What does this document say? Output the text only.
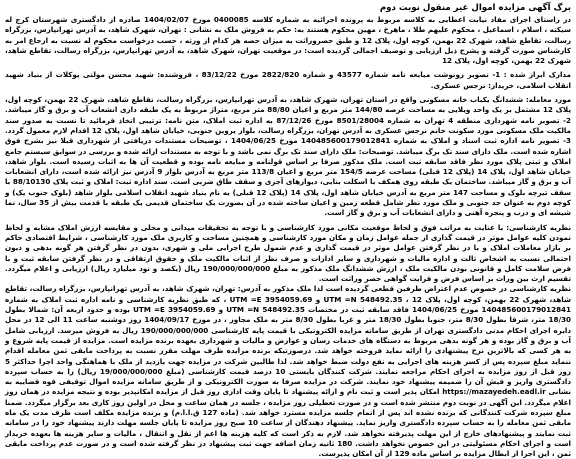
برگ آگهی مزایده اموال غیر منقول نوبت دوم

در راستای اجرای مفاد نیابت اعطایی به کلاسه مربوط به پرونده اجرائیه به شماره کلاسه 0400085 مورخ 1404/02/07 صادره از دادگستری شهرستان کرج له سیکته ، اسلام ، اسماعیل ، محکوم علیهم طلا ، ماهرخ ، مهین محکوم هستند به: حکم به فروش ملک به نشانی : تهران، شهرک شاهد، به آدرس تهرانپارس، بزرگراه رسالت، تقاطع شاهد، شهرک 22 بهمن، کوچه اول، پلاک 12 و طبق حصروراثت به میزان حصه هر کدام از ورثه ، حسب درخواست محکوم له نسبت به ارجاع امر به کارشناس صورت گرفته و پشرح ذیل ارزیابی و توصیف اجمالی گردیده است: در موقعیت تهران، شهرک شاهد، به آدرس تهرانپارس، بزرگراه رسالت، تقاطع شاهد، شهرک 22 بهمن، کوچه اول، پلاک 12

مدارک ابراز شده : 1- تصویر رونوشت مبایعه نامه شماره 43577 و شماره 2822/820 مورخ 83/12/22 ، فروشنده: شهید محسن مولتی پوکلات از بنیاد شهید انقلاب اسلامی، خریدار: نرجس عسکری.

مورد معامله: ششدانگ یکباب خانه مسکونی واقع در استان تهران، شهرک شاهد، به آدرس تهرانپارس، بزرگراه رسالت، تقاطع شاهد، شهرک 22 بهمن، کوچه اول، پلاک 12 مشتمل بر یک واحد ویلایی به مساحت عرصه 144/80 متر مربع و اعیان 88/80 متر مربع، متراژ مربوط به یک طبقه داری انشعاب آب و برق و گاز میباشد. 2- تصویر نامه شهرداری منطقه 4 تهران به شماره 8501/28004 مورخ 87/12/26 به اداره ثبت املاک، متن نامه: ترتیبی اتخاذ فرمائید تا نسبت به صدور سند مالکیت ملک مسکونی مورد سکونت خانم نرجس عسکری به آدرس تهران، بزرگراه رسالت، بلوار پروین جنوبی، خیابان شاهد اول، پلاک 12 اقدام لازم معمول گردد. 3- تصویر نامه اداره ثبت اسناد و املاک به شماره 140485600179012841 مورخ 1404/06/25 ، توضیحات مستندات دریافتی از شهرداری قبلا نیز بشرح فوق اشاره شده است. ملک دارای سند تک برگ میباشد. توضیحات: ملک دارای سند تک برگ نمی باشد و با توجه به مستندات ارائه شده و بررسی در سوابق سیستم جامع املاک و ثبتی پلاک مورد نظر فاقد سابقه ثبت است. ملک مذکور صرفا بر اساس قولنامه و مبایعه نامه بوده و قطعیت آن ها به اثبات رسیده است. بلوار شاهد، خیابان شاهد اول، پلاک 14 (پلاک 12 قبلی) مساحت عرصه 154/5 متر مربع و اعیان 113/8 متر مربع به آدرس بلوار 9 آدرس نیز ارائه شده است، دارای انشعابات آب و برق و گاز میباشد. ساختمان یک طبقه روی همکف با اسکلت بنایی، دیوارهای آجری و سقف طاق ضربی است. سند اداره ثبت: املاک و ثبت پلاک 88/10130 با سقف تیرچه بلوک و مساحت 147 متر مربع به آدرس خیابان شاهد اول، پلاک 14 (پلاک 12 قبلی) به نام بنیاد شهید انقلاب اسلامی بلوار شاهد (بلوک جنوب یک) و کوچه دوم به عنوان حد جنوبی و ملک مورد نظر شامل قطعه زمین و اعیان ساخته شده در آن بصورت یک ساختمان قدیمی یک طبقه با قدمت بیش از 35 سال، نما شیشه ای و درب و پنجره آهنی و دارای انشعابات آب و برق و گاز است.

نظریه کارشناسی: با عنایت به مراتب فوق و لحاظ موقعیت مکانی مورد کارشناسی و با توجه به تحقیقات میدانی و محلی و مقایسه ارزش املاک مشابه و لحاظ نمودن کلیه عوامل موثر در قیمت گذاری از جمله عوامل زمان و مکان مورد کارشناسی و همچنین مساحت و کاربری ملک مورد کارشناسی ، شرایط اقتصادی حاکم بر بازار معاملات املاک و با در نظر گرفتن عوامل موثر در قیمت گذاری و عدم شمول طرح اجرایی ملی و شهری، بدون در نظر گرفتن هر گونه بدهی و دیون احتمالی نسبت به اشخاص ثالث و اداره مالیات و شهرداری و سایر ادارات و صرف نظر از اثبات مالکیت ملک و حقوق ارتفاقی و در نظر گرفتن سابقه ثبت و با فرض سلامت کامل و قانونی بودن مالکیت ملک ، ارزش ششدانگ ملک مذکور به مبلغ 190/000/000/000 ریال (یکصد و نود میلیارد ریال) ارزیابی و اعلام میگردد. تقسیم ارث بین وراث بر اساس فرض و قرابت گواهی حصر وراثت است.

نظریه کارشناسی در خصوص عدم اعتراض طرفین قطعی گردیده است لذا ملک مذکور به آدرس: تهران، شهرک شاهد، به آدرس تهرانپارس، بزرگراه رسالت، تقاطع شاهد، شهرک 22 بهمن، کوچه اول، پلاک 12 ، 548492.35 UTM =N و 3954059.69 UTM =E ، که طبق نظریه کارشناسی و نامه اداره ثبت املاک به شماره 140485600179012841 مورخ 1404/06/25 فاقد سابقه ثبت در مختصات 548492.35 UTM =N و 3954059.69 UTM =E بوده و حدود اربعه آن: شمالا بطول 18/30 متر، شرقا بطول 8/30 متر، جنوبا بطول 18/30 متر و غربا بطول 8/30 متر به ملک مجاور ، در مورخ 1404/09/17 روز دوشنبه ساعت 11 الی 12 در محل دایره اجرای احکام مدنی دادگستری تهران از طریق سامانه مزایده الکترونیکی با قیمت پایه کارشناسی 190/000/000/000 ریال به فروش میرسد. ارزیابی شامل آب و برق و گاز بوده و هر گونه بدهی مربوط به دستگاه های خدمات رسان و عوارض و مالیات و شهرداری بعهده برنده مزایده است. مزایده از قیمت پایه شروع و به هر کسی که بالاترین نرخ پیشنهادی را ارائه نماید فروخته خواهد شد. درصورتیکه برنده مزایده ظرف مهلت مقرر نسبت به پرداخت مابقی ثمن معامله اقدام ننماید مبلغ سپرده پس از کسر هزینه های اجرایی به نفع دولت ضبط خواهد شد. لذا طالبین شرکت در مزایده جهت بازدید از ملک با هماهنگی واحد اجرا حداکثر 5 روز قبل از روز مزایده به اجرای احکام مراجعه نمایند. شرکت کنندگان بایستی 10 درصد قیمت کارشناسی (مبلغ 19/000/000/000 ریال) را به حساب سپرده دادگستری واریز و فیش آن را ضمیمه پیشنهاد خود نمایند. شرکت در مزایده صرفا به صورت الکترونیکی و از طریق سامانه مزایده اموال توقیفی قوه قضاییه به نشانی https://mazayedeh.eadl.ir امکان پذیر است و ثبت نام و ارائه پیشنهاد تا پایان وقت اداری روز قبل از مزایده امکانپذیر بوده و نتیجه مزایده در همان روز اعلام میگردد. این آگهی در نوبت دوم منتشر شده است و در صورت تعطیلی روز مزایده ، جلسه در همان ساعت و محل در اولین روز کاری بعد برگزار میگردد. ضمنا مبلغ سپرده شرکت کنندگانی که برنده نشده اند پس از اتمام جلسه مزایده مسترد خواهد شد. (ماده 127 ق.ا.ا.م) و برنده مزایده مکلف است ظرف مدت یک ماه مابقی ثمن معامله را به حساب سپرده دادگستری واریز نماید. پیشنهاد دهندگان از ساعت 10 صبح روز مزایده تا پایان جلسه مهلت دارند پیشنهاد خود را در سامانه ثبت نمایند و پیشنهادهای خارج از این مهلت پذیرفته نخواهد شد. لازم به ذکر است که کلیه هزینه ها اعم از نقل و انتقال ، مالیات و سایر هزینه ها بعهده خریدار است و اجرای احکام مسئولیتی در این خصوص نخواهد داشت. 180 ثانیه زمان اضافه جهت ثبت پیشنهاد در نظر گرفته شده است و در صورت عدم پرداخت مابقی ثمن ، این اجرا از ابطال مزایده بر اساس ماده 129 از آن امکان پذیرست.
